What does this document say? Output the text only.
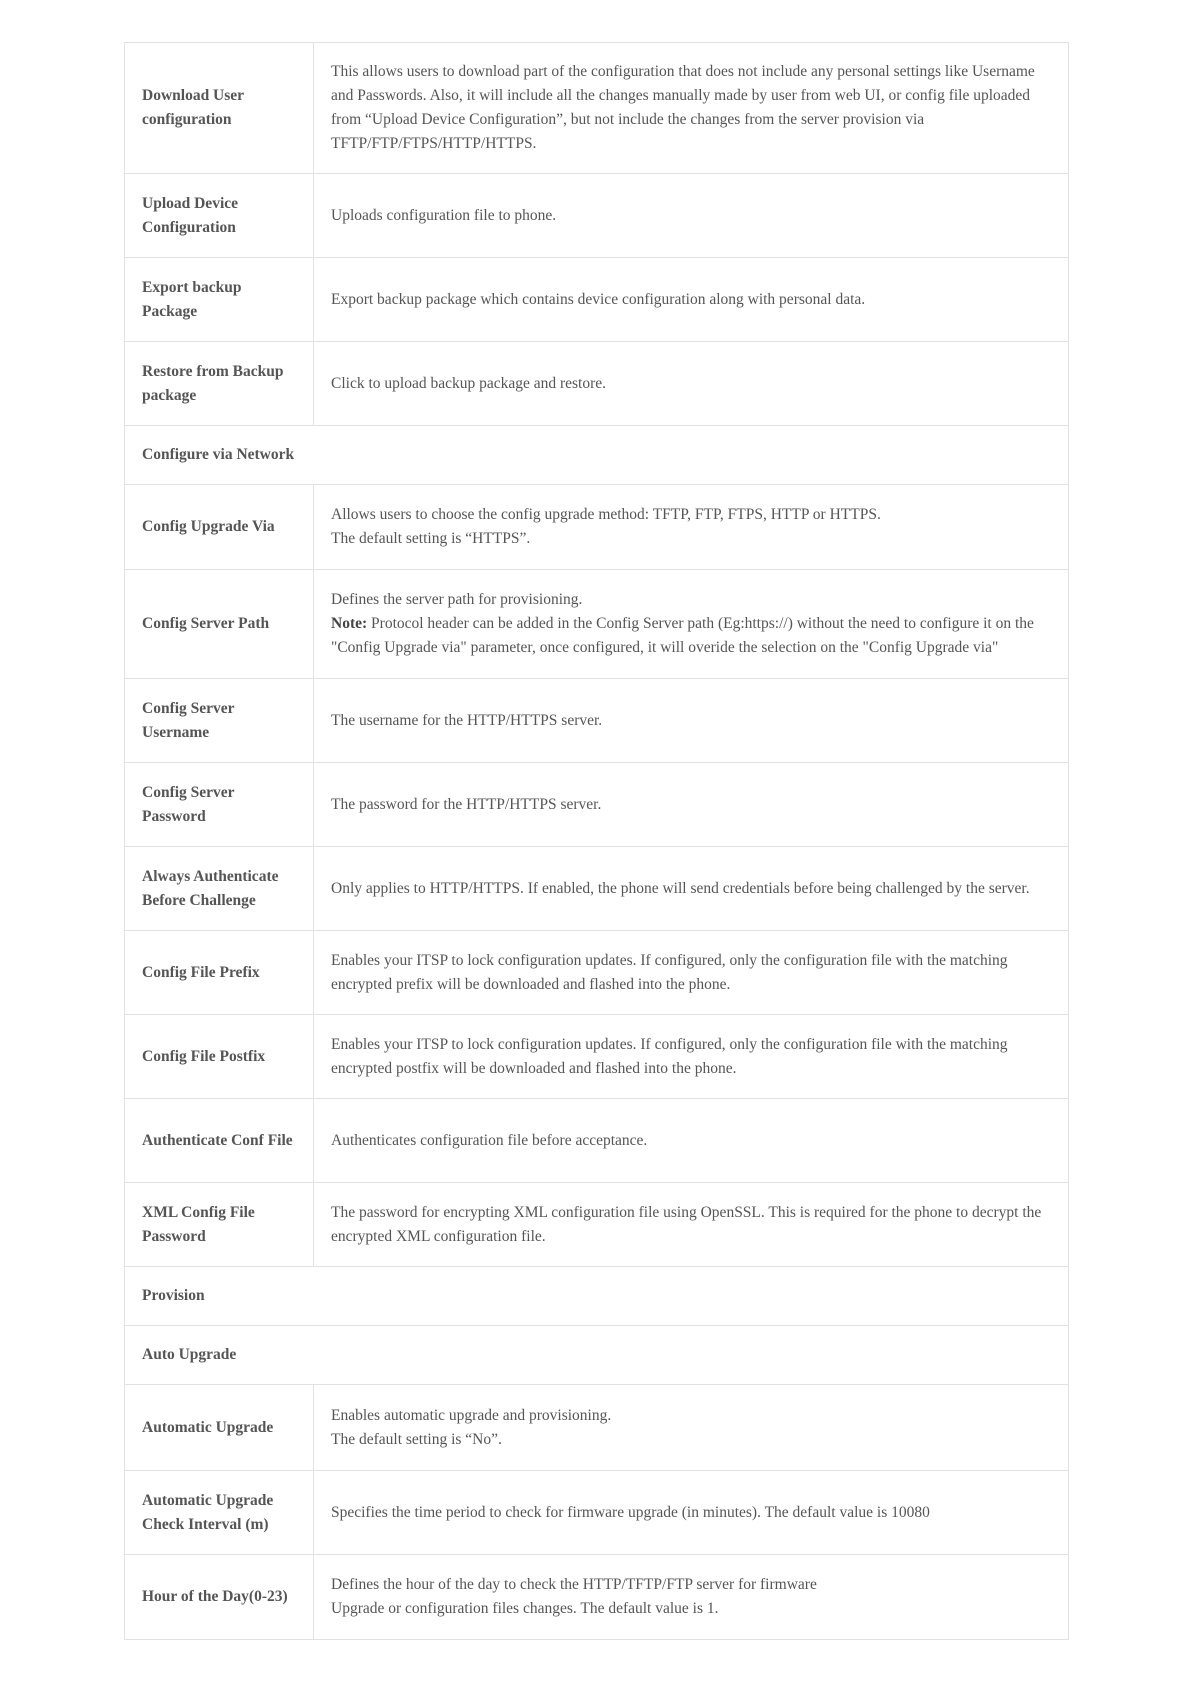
Download User configuration	This allows users to download part of the configuration that does not include any personal settings like Username and Passwords. Also, it will include all the changes manually made by user from web UI, or config file uploaded from “Upload Device Configuration”, but not include the changes from the server provision via TFTP/FTP/FTPS/HTTP/HTTPS.

Upload Device Configuration	Uploads configuration file to phone.

Export backup Package	Export backup package which contains device configuration along with personal data.

Restore from Backup package	Click to upload backup package and restore.

Configure via Network	
Config Upgrade Via	Allows users to choose the config upgrade method: TFTP, FTP, FTPS, HTTP or HTTPS.
The default setting is “HTTPS”.

Config Server Path	Defines the server path for provisioning.
Note: Protocol header can be added in the Config Server path (Eg:https://) without the need to configure it on the "Config Upgrade via" parameter, once configured, it will overide the selection on the "Config Upgrade via"

Config Server Username	The username for the HTTP/HTTPS server.

Config Server Password	The password for the HTTP/HTTPS server.

Always Authenticate Before Challenge	Only applies to HTTP/HTTPS. If enabled, the phone will send credentials before being challenged by the server.

Config File Prefix	Enables your ITSP to lock configuration updates. If configured, only the configuration file with the matching encrypted prefix will be downloaded and flashed into the phone.

Config File Postfix	Enables your ITSP to lock configuration updates. If configured, only the configuration file with the matching encrypted postfix will be downloaded and flashed into the phone.

Authenticate Conf File	Authenticates configuration file before acceptance.

XML Config File Password	The password for encrypting XML configuration file using OpenSSL. This is required for the phone to decrypt the encrypted XML configuration file.

Provision	
Auto Upgrade	
Automatic Upgrade	Enables automatic upgrade and provisioning.
The default setting is “No”.

Automatic Upgrade Check Interval (m)	Specifies the time period to check for firmware upgrade (in minutes). The default value is 10080

Hour of the Day(0-23)	Defines the hour of the day to check the HTTP/TFTP/FTP server for firmware
Upgrade or configuration files changes. The default value is 1.
